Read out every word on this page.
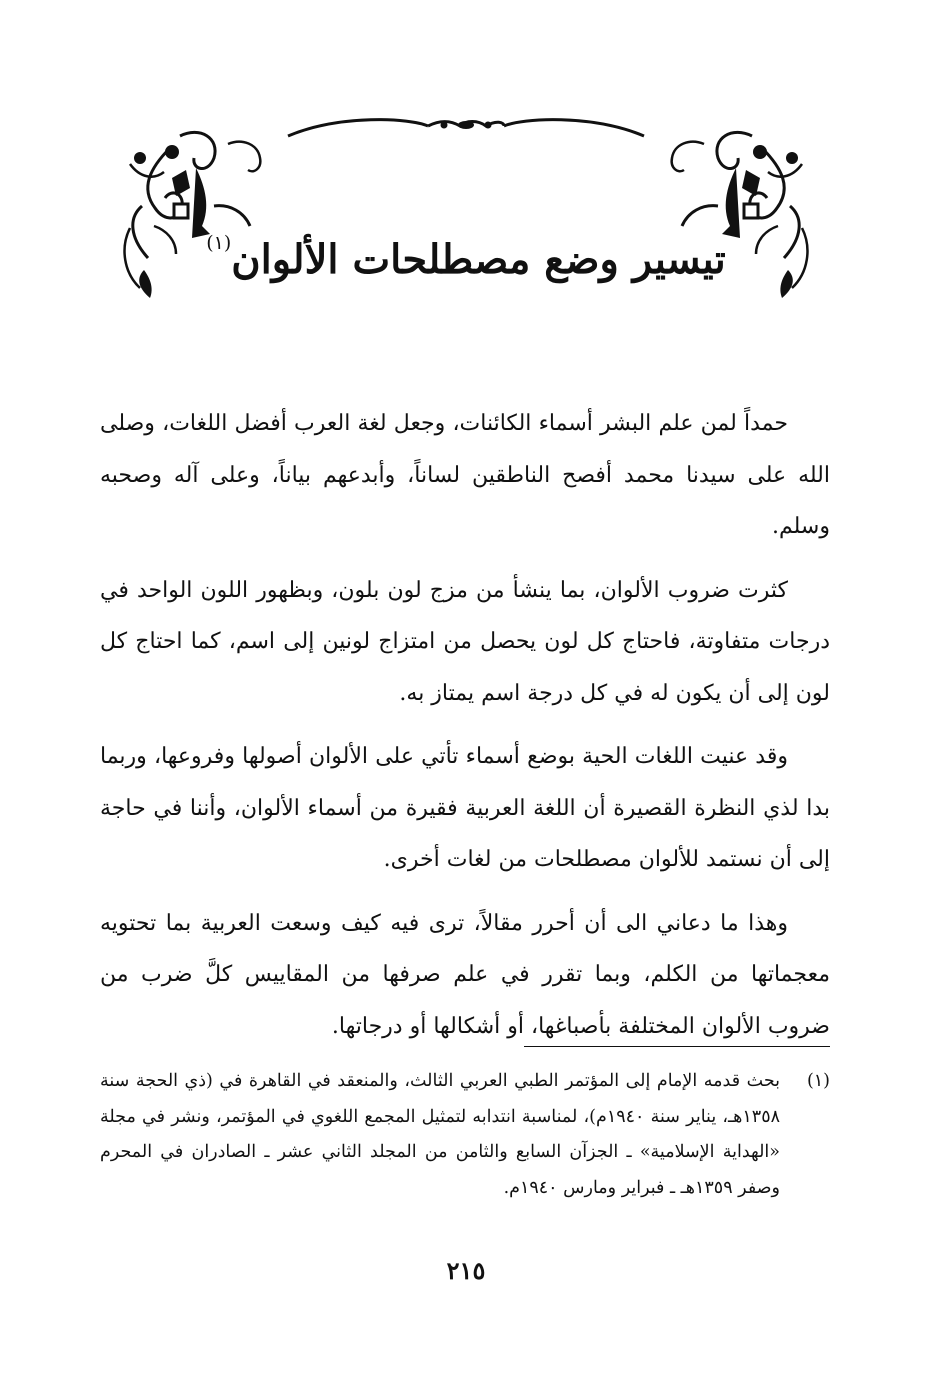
تيسير وضع مصطلحات الألوان$^{(١)}$

حمداً لمن علم البشر أسماء الكائنات، وجعل لغة العرب أفضل اللغات، وصلى الله على سيدنا محمد أفصح الناطقين لساناً، وأبدعهم بياناً، وعلى آله وصحبه وسلم.

كثرت ضروب الألوان، بما ينشأ من مزج لون بلون، وبظهور اللون الواحد في درجات متفاوتة، فاحتاج كل لون يحصل من امتزاج لونين إلى اسم، كما احتاج كل لون إلى أن يكون له في كل درجة اسم يمتاز به.

وقد عنيت اللغات الحية بوضع أسماء تأتي على الألوان أصولها وفروعها، وربما بدا لذي النظرة القصيرة أن اللغة العربية فقيرة من أسماء الألوان، وأننا في حاجة إلى أن نستمد للألوان مصطلحات من لغات أخرى.

وهذا ما دعاني الى أن أحرر مقالاً، ترى فيه كيف وسعت العربية بما تحتويه معجماتها من الكلم، وبما تقرر في علم صرفها من المقاييس كلَّ ضرب من ضروب الألوان المختلفة بأصباغها، أو أشكالها أو درجاتها.

(١)
بحث قدمه الإمام إلى المؤتمر الطبي العربي الثالث، والمنعقد في القاهرة في (ذي الحجة سنة ١٣٥٨هـ، يناير سنة ١٩٤٠م)، لمناسبة انتدابه لتمثيل المجمع اللغوي في المؤتمر، ونشر في مجلة «الهداية الإسلامية» ـ الجزآن السابع والثامن من المجلد الثاني عشر ـ الصادران في المحرم وصفر ١٣٥٩هـ ـ فبراير ومارس ١٩٤٠م.

٢١٥
